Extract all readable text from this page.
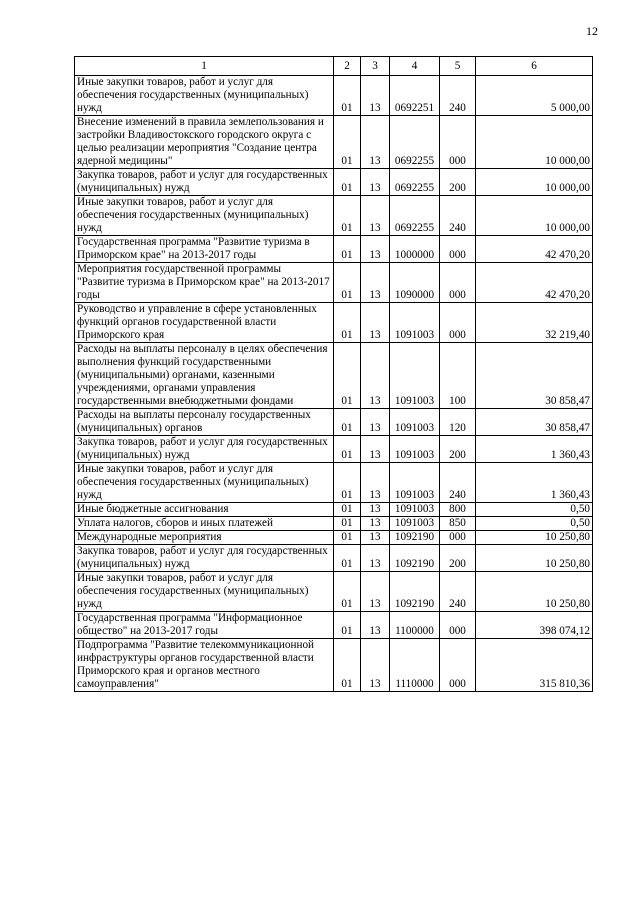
12
1	2	3	4	5	6
Иные закупки товаров, работ и услуг для обеспечения государственных (муниципальных) нужд	01	13	0692251	240	5 000,00
Внесение изменений в правила землепользования и застройки Владивостокского городского округа с целью реализации мероприятия "Создание центра ядерной медицины"	01	13	0692255	000	10 000,00
Закупка товаров, работ и услуг для государственных (муниципальных) нужд	01	13	0692255	200	10 000,00
Иные закупки товаров, работ и услуг для обеспечения государственных (муниципальных) нужд	01	13	0692255	240	10 000,00
Государственная программа "Развитие туризма в Приморском крае" на 2013-2017 годы	01	13	1000000	000	42 470,20
Мероприятия государственной программы "Развитие туризма в Приморском крае" на 2013-2017 годы	01	13	1090000	000	42 470,20
Руководство и управление в сфере установленных функций органов государственной власти Приморского края	01	13	1091003	000	32 219,40
Расходы на выплаты персоналу в целях обеспечения выполнения функций государственными (муниципальными) органами, казенными учреждениями, органами управления государственными внебюджетными фондами	01	13	1091003	100	30 858,47
Расходы на выплаты персоналу государственных (муниципальных) органов	01	13	1091003	120	30 858,47
Закупка товаров, работ и услуг для государственных (муниципальных) нужд	01	13	1091003	200	1 360,43
Иные закупки товаров, работ и услуг для обеспечения государственных (муниципальных) нужд	01	13	1091003	240	1 360,43
Иные бюджетные ассигнования	01	13	1091003	800	0,50
Уплата налогов, сборов и иных платежей	01	13	1091003	850	0,50
Международные мероприятия	01	13	1092190	000	10 250,80
Закупка товаров, работ и услуг для государственных (муниципальных) нужд	01	13	1092190	200	10 250,80
Иные закупки товаров, работ и услуг для обеспечения государственных (муниципальных) нужд	01	13	1092190	240	10 250,80
Государственная программа "Информационное общество" на 2013-2017 годы	01	13	1100000	000	398 074,12
Подпрограмма "Развитие телекоммуникационной инфраструктуры органов государственной власти Приморского края и органов местного самоуправления"	01	13	1110000	000	315 810,36
